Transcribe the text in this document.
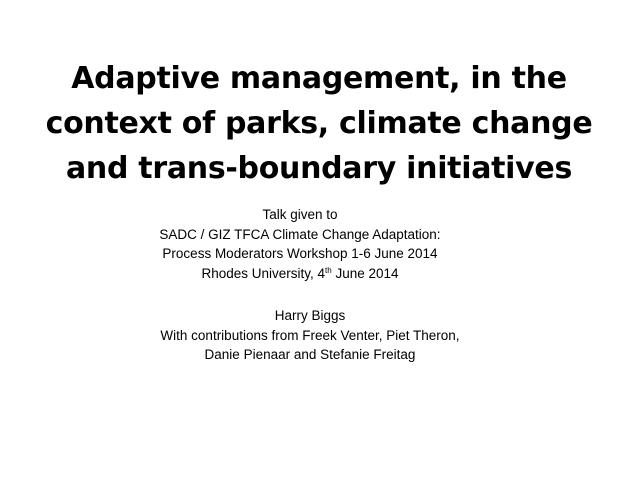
Adaptive management, in the
context of parks, climate change
and trans-boundary initiatives
Talk given to
SADC / GIZ TFCA Climate Change Adaptation:
Process Moderators Workshop 1-6 June 2014
Rhodes University, 4th June 2014
Harry Biggs
With contributions from Freek Venter, Piet Theron,
Danie Pienaar and Stefanie Freitag
